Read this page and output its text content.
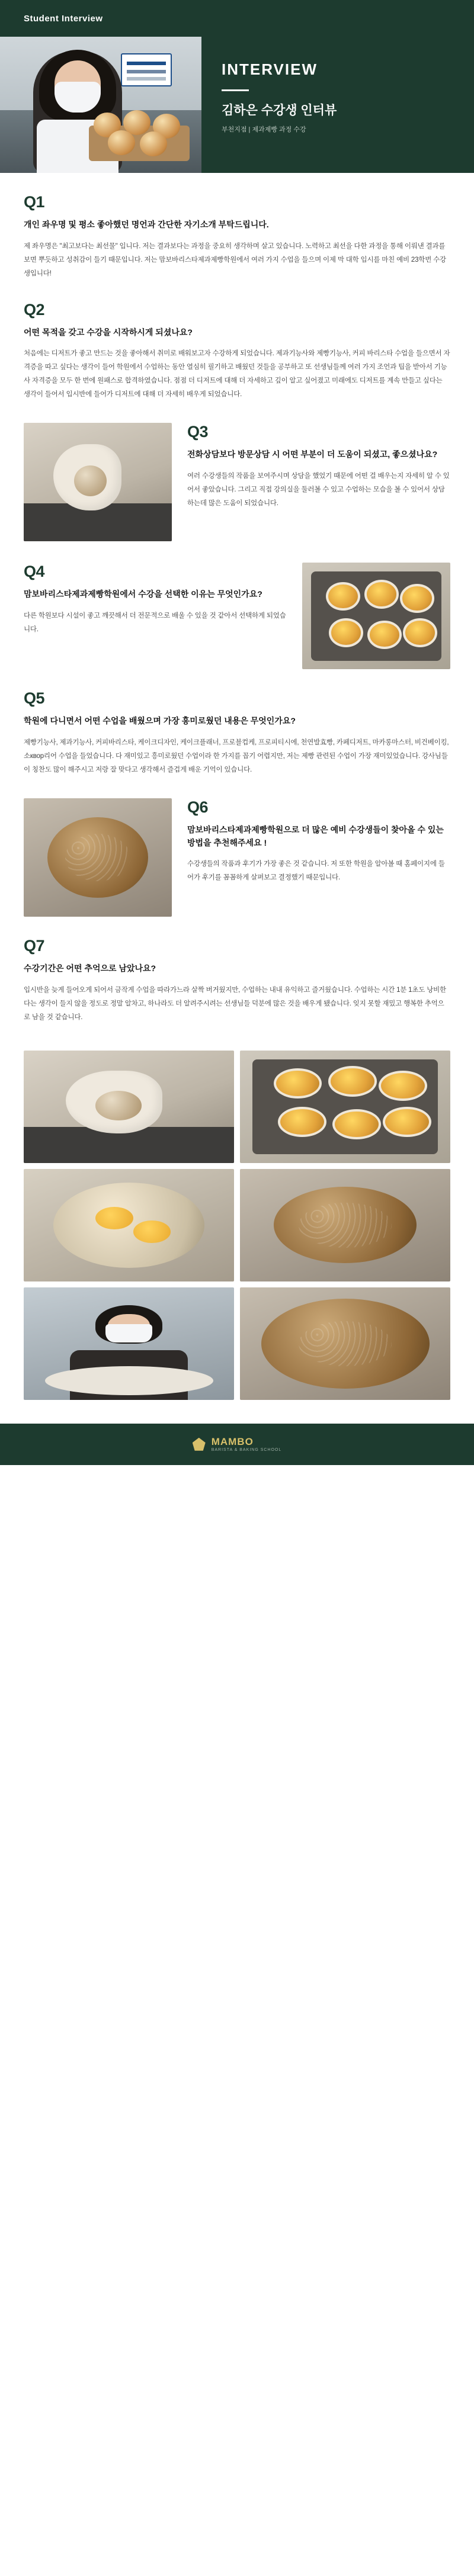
Student Interview
INTERVIEW
김하은 수강생 인터뷰
부천지점 | 제과제빵 과정 수강
Q1
개인 좌우명 및 평소 좋아했던 명언과 간단한 자기소개 부탁드립니다.
제 좌우명은 "최고보다는 최선물" 입니다. 저는 결과보다는 과정을 중요히 생각하며 살고 있습니다. 노력하고 최선을 다한 과정을 통해 이뤄낸 결과를 보면 뿌듯하고 성취감이 들기 때문입니다. 저는 맘보바리스타제과제빵학원에서 여러 가지 수업을 들으며 이제 막 대학 입시를 마친 예비 23학번 수강생입니다!
Q2
어떤 목적을 갖고 수강을 시작하시게 되셨나요?
처음에는 디저트가 좋고 만드는 것을 좋아해서 취미로 배워보고자 수강하게 되었습니다. 제과기능사와 제빵기능사, 커피 바리스타 수업을 들으면서 자격증을 따고 싶다는 생각이 들어 학원에서 수업하는 동안 열심히 필기하고 배웠던 것들을 공부하고 또 선생님들께 여러 가지 조언과 팁을 받아서 기능사 자격증을 모두 한 번에 원패스로 합격하였습니다. 점점 더 디저트에 대해 더 자세하고 깊이 알고 싶어졌고 미래에도 디저트를 계속 만들고 싶다는 생각이 들어서 입시반에 들어가 디저트에 대해 더 자세히 배우게 되었습니다.
Q3
전화상담보다 방문상담 시 어떤 부분이 더 도움이 되셨고, 좋으셨나요?
여러 수강생들의 작품을 보여주시며 상담을 했었기 때문에 어떤 걸 배우는지 자세히 알 수 있어서 좋았습니다. 그리고 직접 강의실을 둘러볼 수 있고 수업하는 모습을 볼 수 있어서 상담하는데 많은 도움이 되었습니다.
Q4
맘보바리스타제과제빵학원에서 수강을 선택한 이유는 무엇인가요?
다른 학원보다 시설이 좋고 깨끗해서 더 전문적으로 배울 수 있을 것 같아서 선택하게 되었습니다.
Q5
학원에 다니면서 어떤 수업을 배웠으며 가장 흥미로웠던 내용은 무엇인가요?
제빵기능사, 제과기능사, 커피바리스타, 케이크디자인, 케이크플래너, 프로블컵케, 프로피티시에, 천연발효빵, 카페디저트, 마카롱마스터, 비건베이킹, 소квор리어 수업을 들었습니다. 다 재미있고 흥미로웠던 수업이라 한 가지를 꼽기 어렵지만, 저는 제빵 관련된 수업이 가장 재미있었습니다. 강사님들이 칭찬도 많이 해주시고 저랑 잘 맞다고 생각해서 즐겁게 배운 기억이 있습니다.
Q6
맘보바리스타제과제빵학원으로 더 많은 예비 수강생들이 찾아올 수 있는 방법을 추천해주세요 !
수강생들의 작품과 후기가 가장 좋은 것 같습니다. 저 또한 학원을 알아볼 때 홈페이지에 들어가 후기를 꼼꼼하게 살펴보고 결정했기 때문입니다.
Q7
수강기간은 어떤 추억으로 남았나요?
입시반을 늦게 들어오게 되어서 금작게 수업을 따라가느라 살짝 버거웠지만, 수업하는 내내 유익하고 즐거웠습니다. 수업하는 시간 1분 1초도 낭비한다는 생각이 들지 않을 정도로 정말 알차고, 하나라도 더 알려주시려는 선생님들 덕분에 많은 것을 배우게 됐습니다. 잊지 못할 재밌고 행복한 추억으로 남을 것 같습니다.
MAMBO
BARISTA & BAKING SCHOOL
